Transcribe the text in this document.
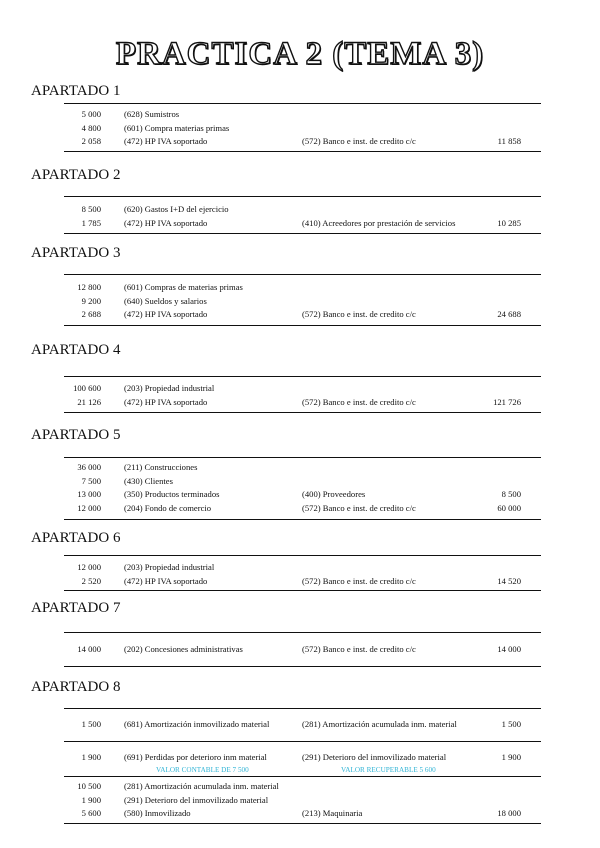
PRACTICA 2 (TEMA 3)
APARTADO 1
5 000	(628) Sumistros
4 800	(601) Compra materias primas
2 058	(472) HP IVA soportado	(572) Banco e inst. de credito c/c	11 858
APARTADO 2
8 500	(620) Gastos I+D del ejercicio
1 785	(472) HP IVA soportado	(410) Acreedores por prestación de servicios	10 285
APARTADO 3
12 800	(601) Compras de materias primas
9 200	(640) Sueldos y salarios
2 688	(472) HP IVA soportado	(572) Banco e inst. de credito c/c	24 688
APARTADO 4
100 600	(203) Propiedad industrial
21 126	(472) HP IVA soportado	(572) Banco e inst. de credito c/c	121 726
APARTADO 5
36 000	(211) Construcciones
7 500	(430) Clientes
13 000	(350) Productos terminados	(400) Proveedores	8 500
12 000	(204) Fondo de comercio	(572) Banco e inst. de credito c/c	60 000
APARTADO 6
12 000	(203) Propiedad industrial
2 520	(472) HP IVA soportado	(572) Banco e inst. de credito c/c	14 520
APARTADO 7
14 000	(202) Concesiones administrativas	(572) Banco e inst. de credito c/c	14 000
APARTADO 8
1 500	(681) Amortización inmovilizado material	(281) Amortización acumulada inm. material	1 500
1 900	(691) Perdidas por deterioro inm material	(291) Deterioro del inmovilizado material	1 900
VALOR CONTABLE DE 7 500	VALOR RECUPERABLE 5 600
10 500	(281) Amortización acumulada inm. material
1 900	(291) Deterioro del inmovilizado material
5 600	(580) Inmovilizado	(213) Maquinaria	18 000
